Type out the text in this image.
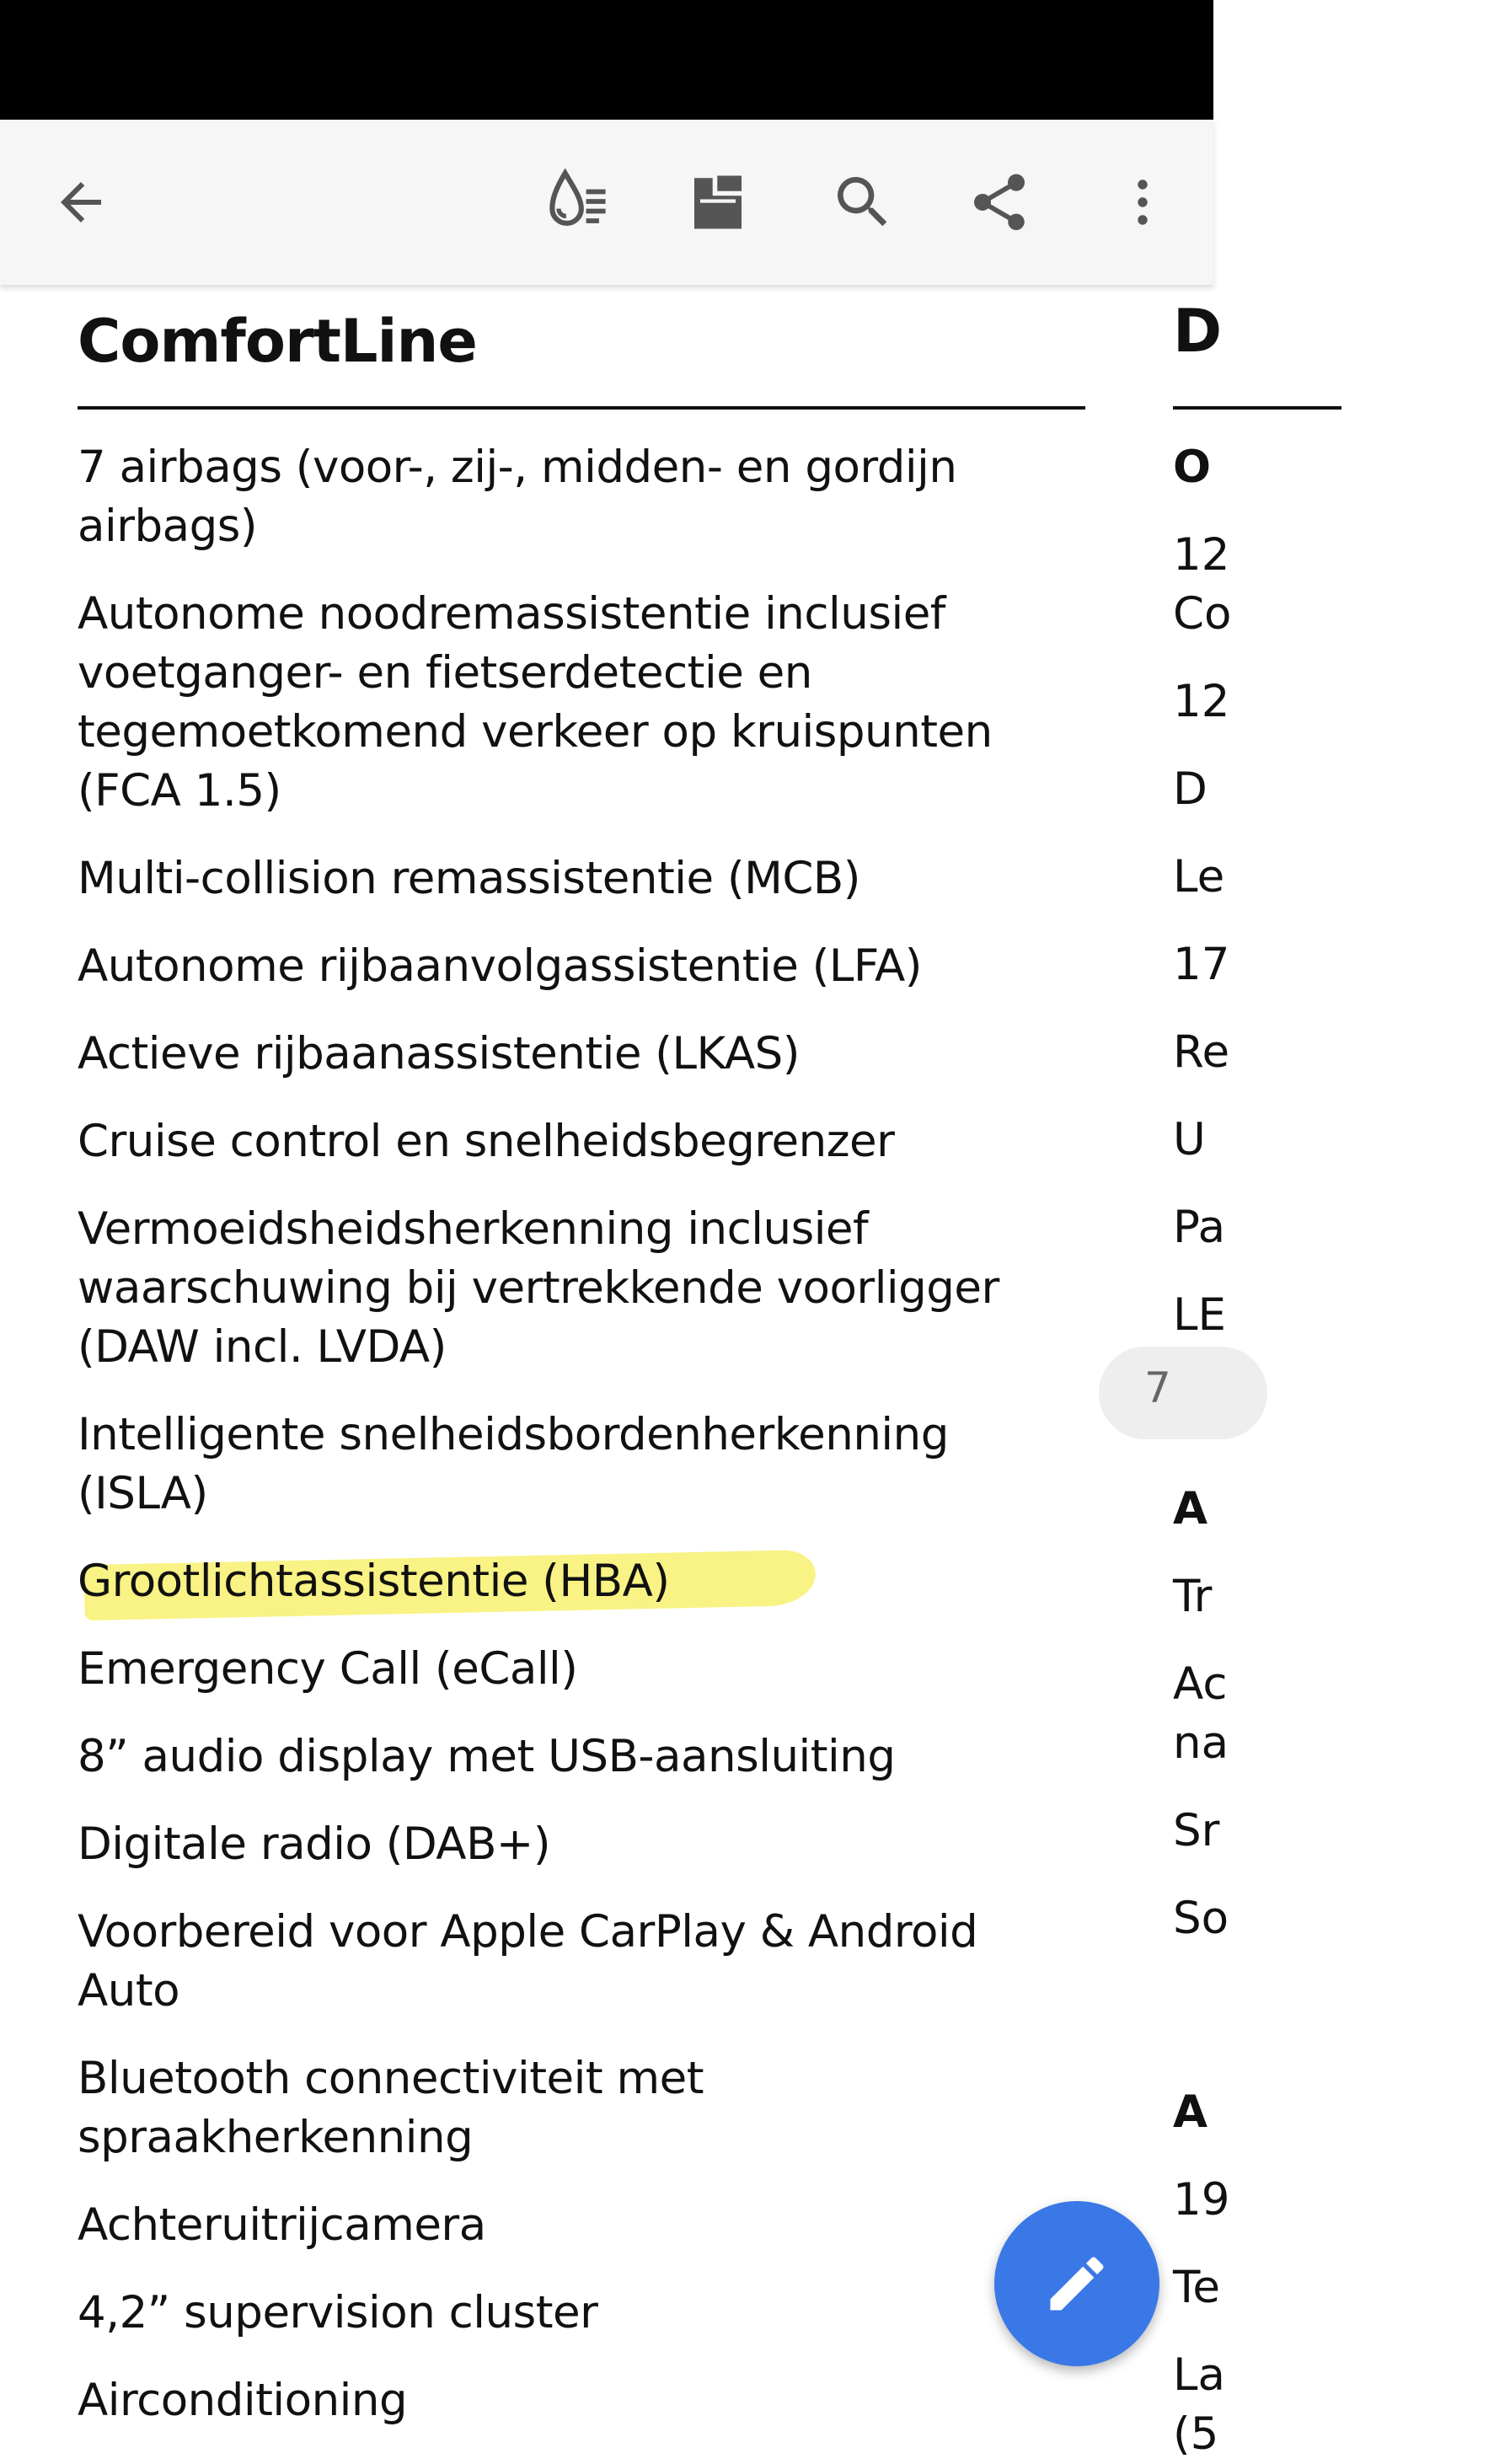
ComfortLine
7 airbags (voor-, zij-, midden- en gordijn
airbags)
Autonome noodremassistentie inclusief
voetganger- en fietserdetectie en
tegemoetkomend verkeer op kruispunten
(FCA 1.5)
Multi-collision remassistentie (MCB)
Autonome rijbaanvolgassistentie (LFA)
Actieve rijbaanassistentie (LKAS)
Cruise control en snelheidsbegrenzer
Vermoeidsheidsherkenning inclusief
waarschuwing bij vertrekkende voorligger
(DAW incl. LVDA)
Intelligente snelheidsbordenherkenning
(ISLA)
Grootlichtassistentie (HBA)
Emergency Call (eCall)
8” audio display met USB-aansluiting
Digitale radio (DAB+)
Voorbereid voor Apple CarPlay & Android
Auto
Bluetooth connectiviteit met
spraakherkenning
Achteruitrijcamera
4,2” supervision cluster
Airconditioning
D
O
12
Co
12
D
Le
17
Re
U
Pa
LE
A
Tr
Ac
na
Sr
So
A
19
Te
La
(5
7
